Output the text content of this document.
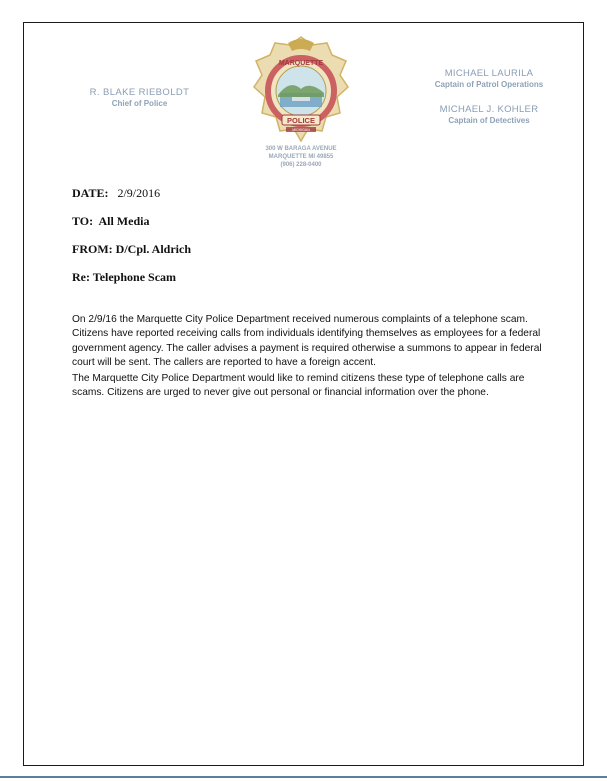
R. BLAKE RIEBOLDT
Chief of Police
MARQUETTE
POLICE
MICHIGAN
300 W BARAGA AVENUE
MARQUETTE MI 49855
(906) 228-0400
MICHAEL LAURILA
Captain of Patrol Operations
MICHAEL J. KOHLER
Captain of Detectives
DATE: 2/9/2016
TO: All Media
FROM: D/Cpl. Aldrich
Re: Telephone Scam

On 2/9/16 the Marquette City Police Department received numerous complaints of a telephone scam. Citizens have reported receiving calls from individuals identifying themselves as employees for a federal government agency. The caller advises a payment is required otherwise a summons to appear in federal court will be sent. The callers are reported to have a foreign accent.

The Marquette City Police Department would like to remind citizens these type of telephone calls are scams. Citizens are urged to never give out personal or financial information over the phone.
